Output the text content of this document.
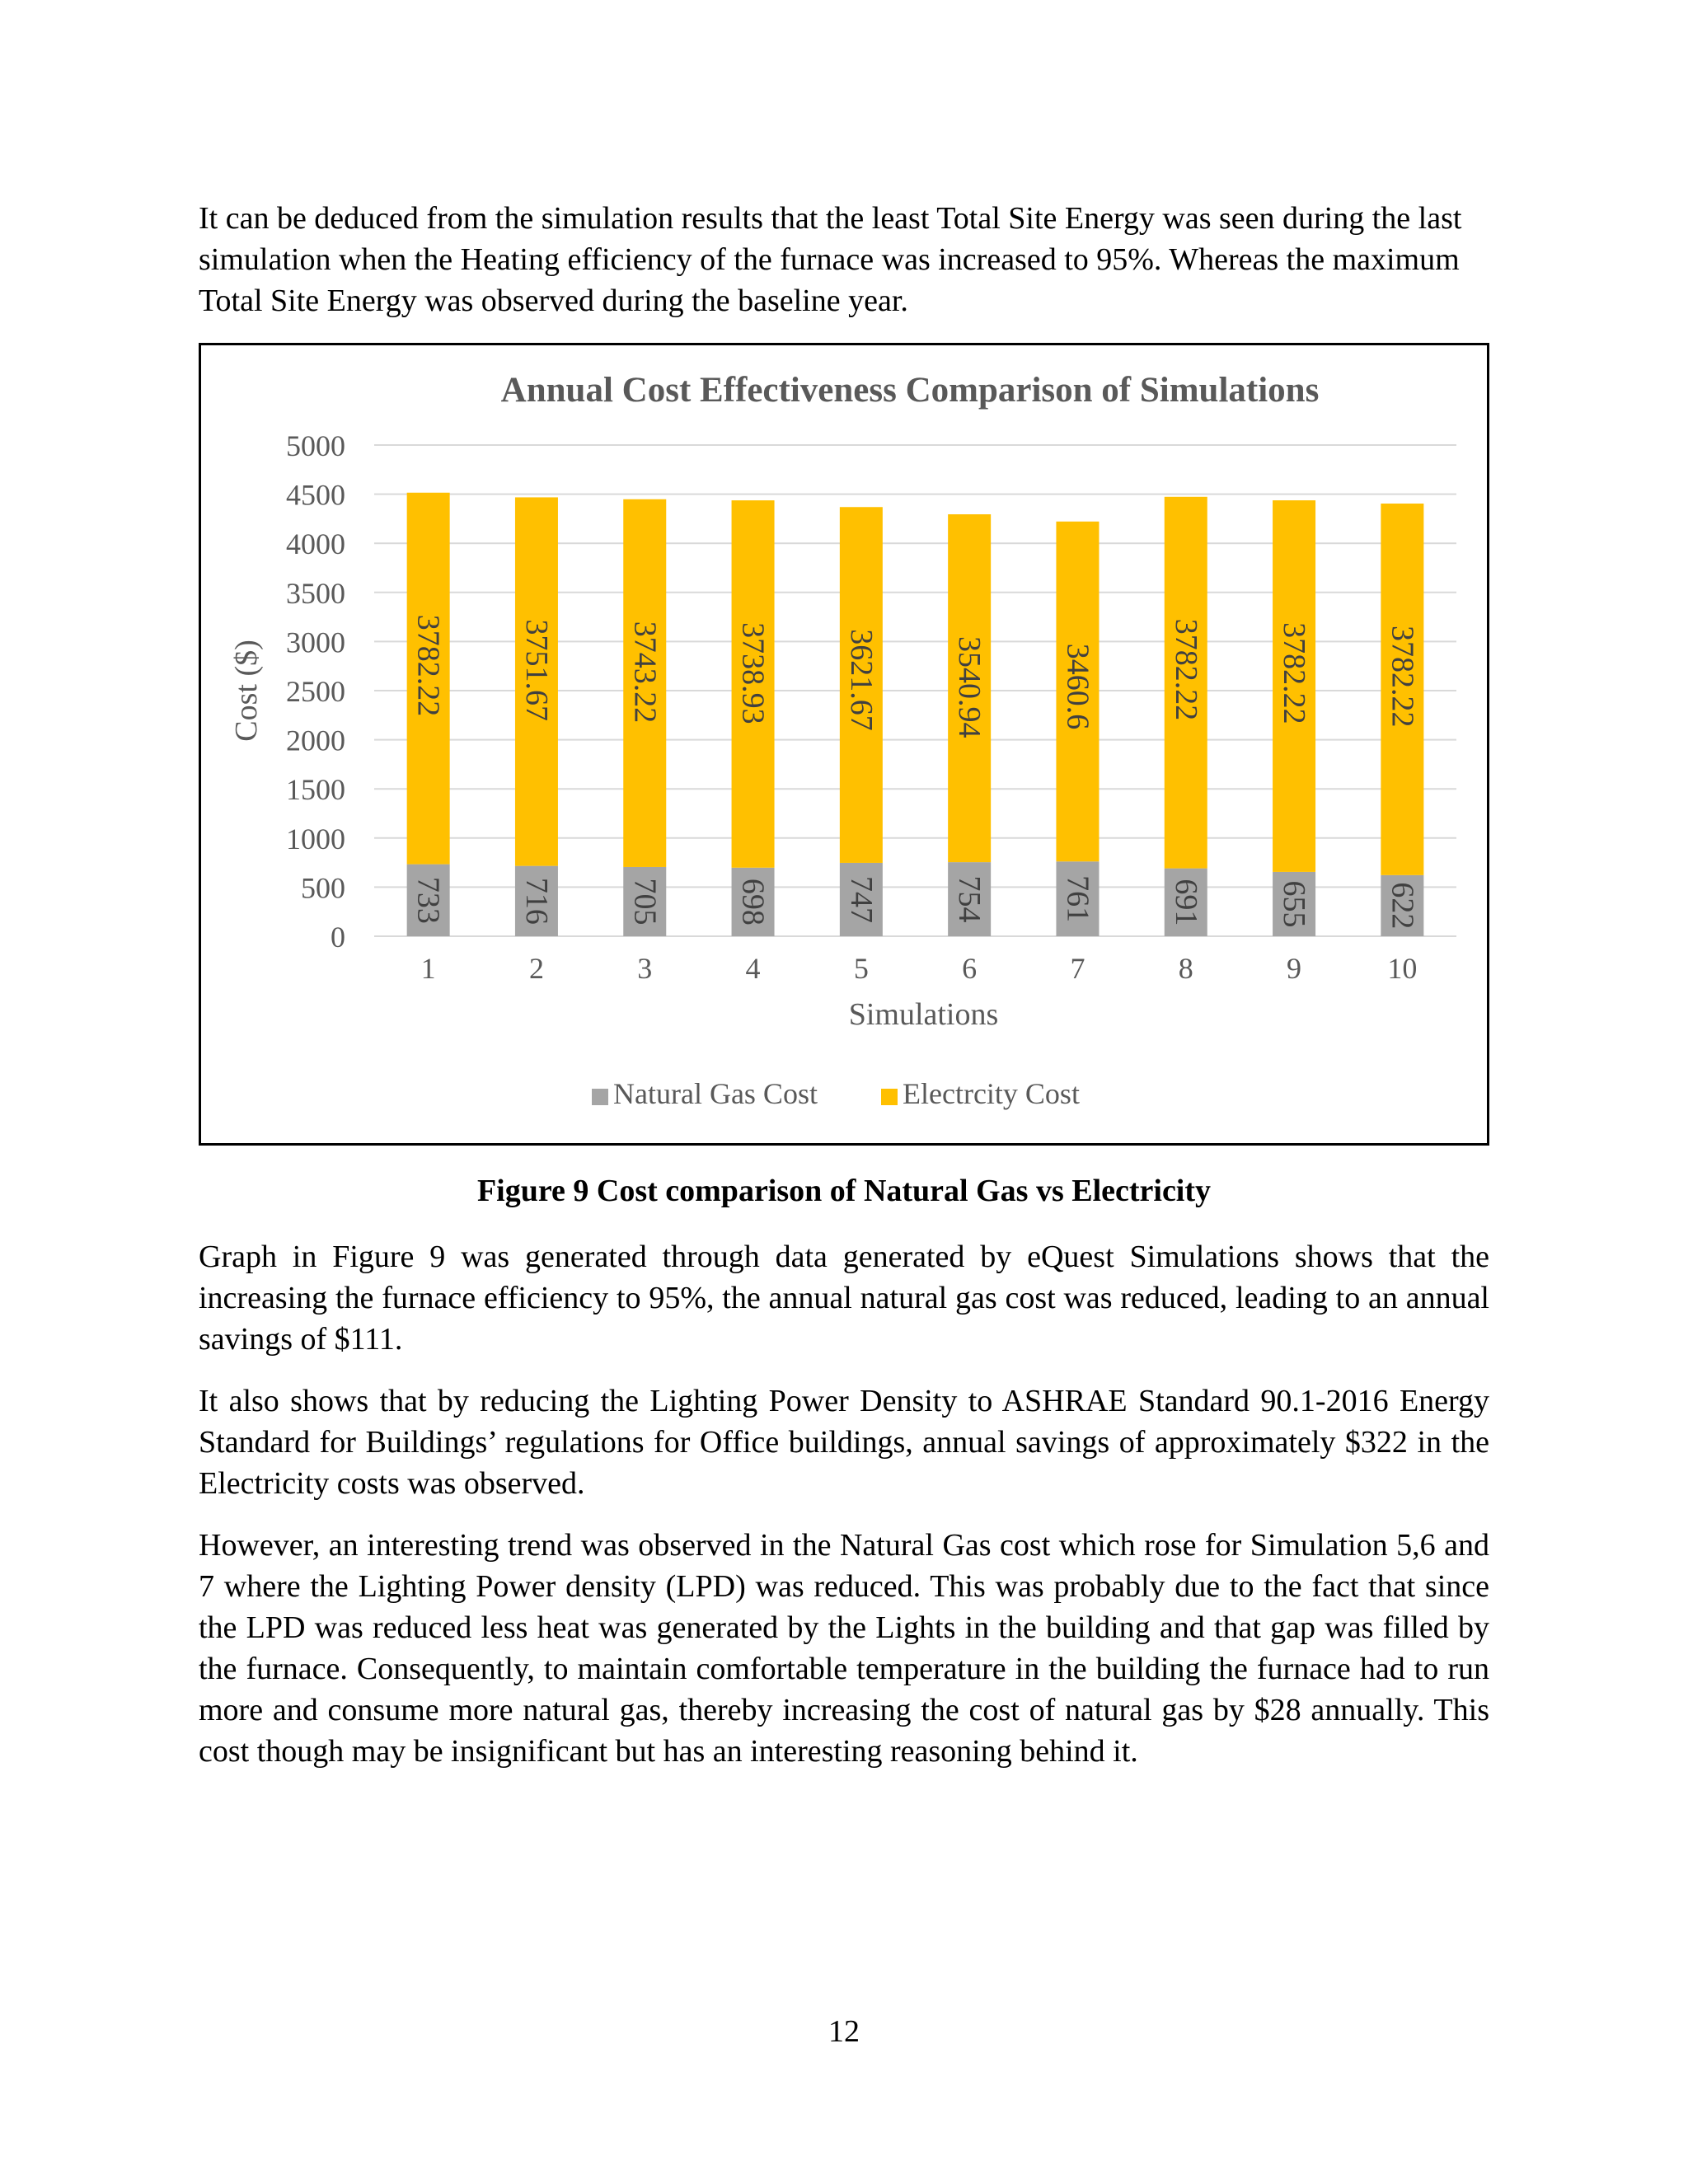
It can be deduced from the simulation results that the least Total Site Energy was seen during the last simulation when the Heating efficiency of the furnace was increased to 95%. Whereas the maximum Total Site Energy was observed during the baseline year.

Annual Cost Effectiveness Comparison of Simulations
0
500
1000
1500
2000
2500
3000
3500
4000
4500
5000
Cost ($)
733
3782.22
1
716
3751.67
2
705
3743.22
3
698
3738.93
4
747
3621.67
5
754
3540.94
6
761
3460.6
7
691
3782.22
8
655
3782.22
9
622
3782.22
10
Simulations
Natural Gas Cost	Electrcity Cost

Figure 9 Cost comparison of Natural Gas vs Electricity

Graph in Figure 9 was generated through data generated by eQuest Simulations shows that the increasing the furnace efficiency to 95%, the annual natural gas cost was reduced, leading to an annual savings of $111.

It also shows that by reducing the Lighting Power Density to ASHRAE Standard 90.1-2016 Energy Standard for Buildings’ regulations for Office buildings, annual savings of approximately $322 in the Electricity costs was observed.

However, an interesting trend was observed in the Natural Gas cost which rose for Simulation 5,6 and 7 where the Lighting Power density (LPD) was reduced. This was probably due to the fact that since the LPD was reduced less heat was generated by the Lights in the building and that gap was filled by the furnace. Consequently, to maintain comfortable temperature in the building the furnace had to run more and consume more natural gas, thereby increasing the cost of natural gas by $28 annually. This cost though may be insignificant but has an interesting reasoning behind it.

12
